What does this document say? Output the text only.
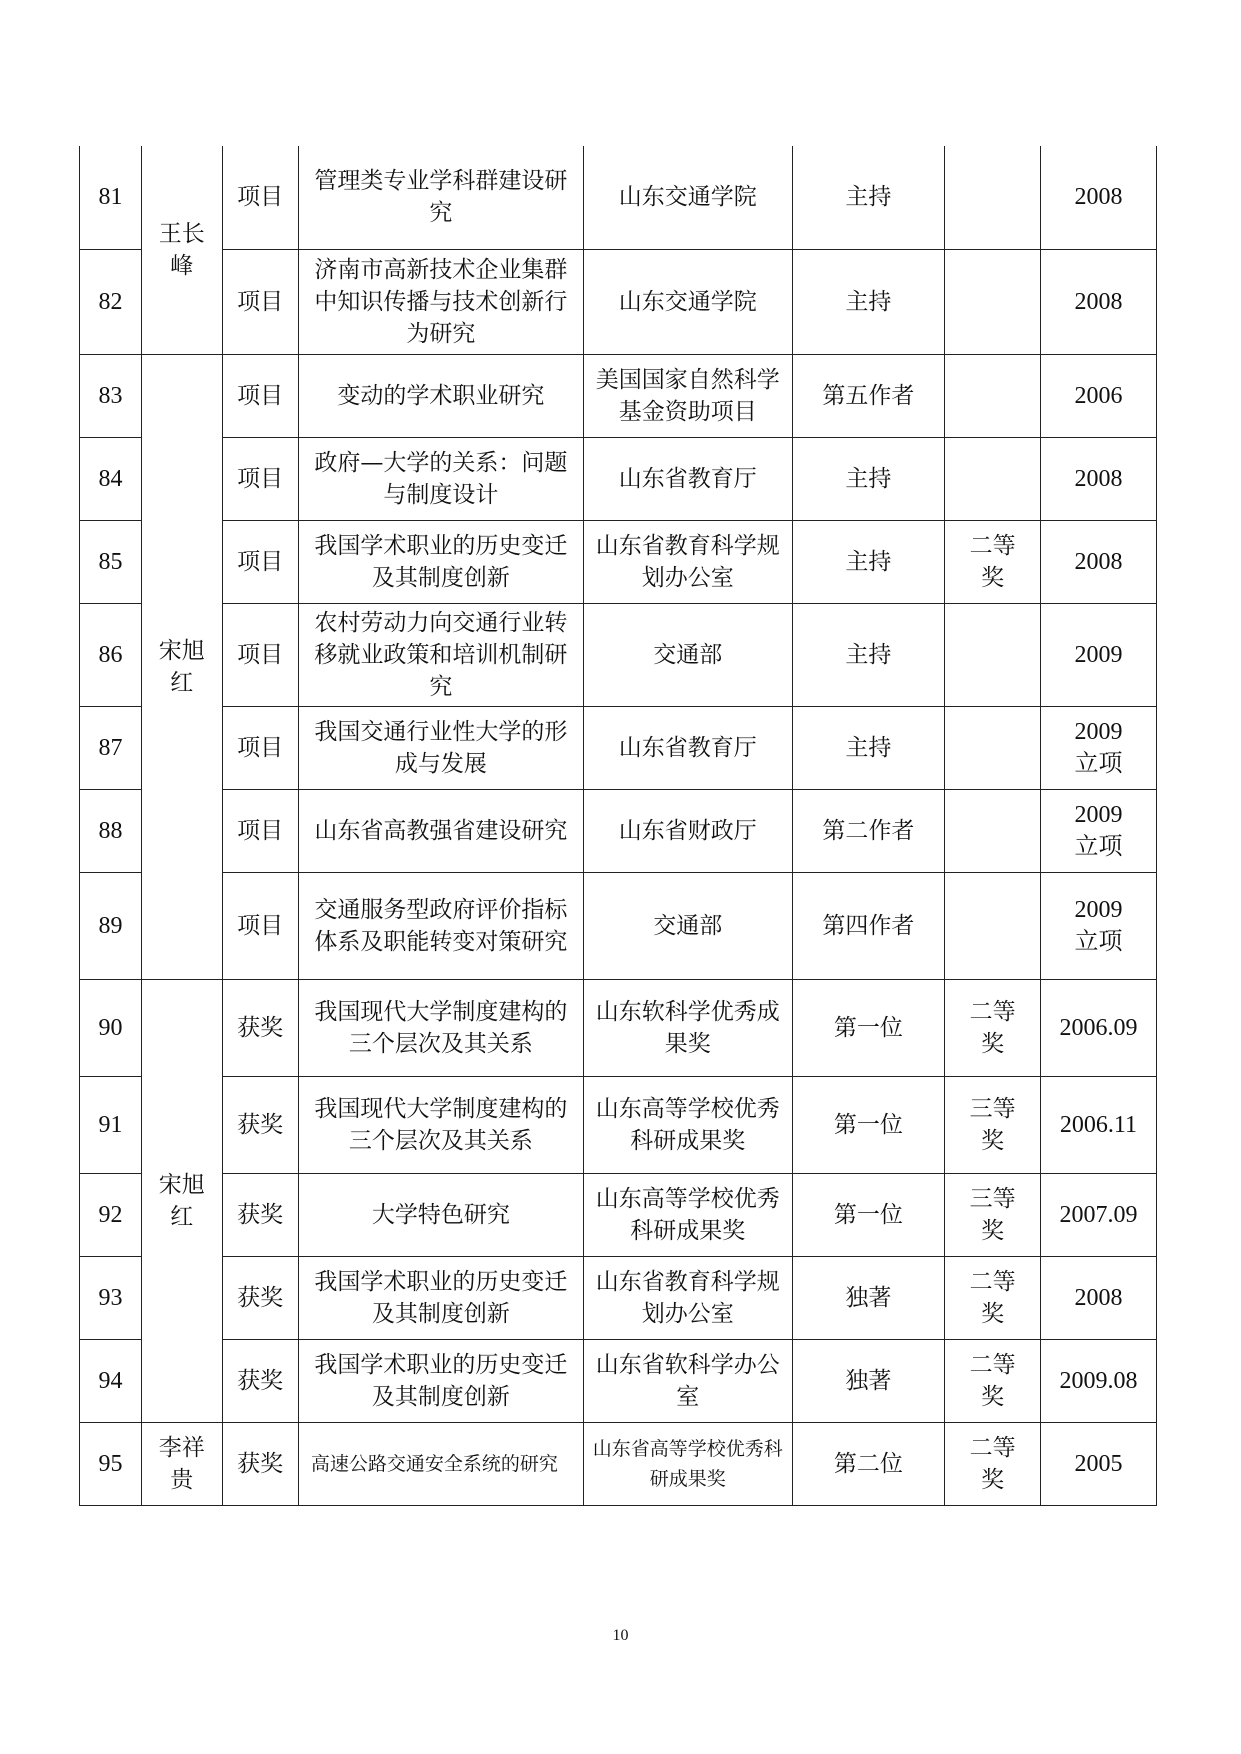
81	王长峰	项目	管理类专业学科群建设研究	山东交通学院	主持		2008
82		项目	济南市高新技术企业集群中知识传播与技术创新行为研究	山东交通学院	主持		2008
83	宋旭红	项目	变动的学术职业研究	美国国家自然科学基金资助项目	第五作者		2006
84		项目	政府—大学的关系：问题与制度设计	山东省教育厅	主持		2008
85		项目	我国学术职业的历史变迁及其制度创新	山东省教育科学规划办公室	主持	二等奖	2008
86		项目	农村劳动力向交通行业转移就业政策和培训机制研究	交通部	主持		2009
87		项目	我国交通行业性大学的形成与发展	山东省教育厅	主持		2009立项
88		项目	山东省高教强省建设研究	山东省财政厅	第二作者		2009立项
89		项目	交通服务型政府评价指标体系及职能转变对策研究	交通部	第四作者		2009立项
90	宋旭红	获奖	我国现代大学制度建构的三个层次及其关系	山东软科学优秀成果奖	第一位	二等奖	2006.09
91		获奖	我国现代大学制度建构的三个层次及其关系	山东高等学校优秀科研成果奖	第一位	三等奖	2006.11
92		获奖	大学特色研究	山东高等学校优秀科研成果奖	第一位	三等奖	2007.09
93		获奖	我国学术职业的历史变迁及其制度创新	山东省教育科学规划办公室	独著	二等奖	2008
94		获奖	我国学术职业的历史变迁及其制度创新	山东省软科学办公室	独著	二等奖	2009.08
95	李祥贵	获奖	高速公路交通安全系统的研究	山东省高等学校优秀科研成果奖	第二位	二等奖	2005
10
